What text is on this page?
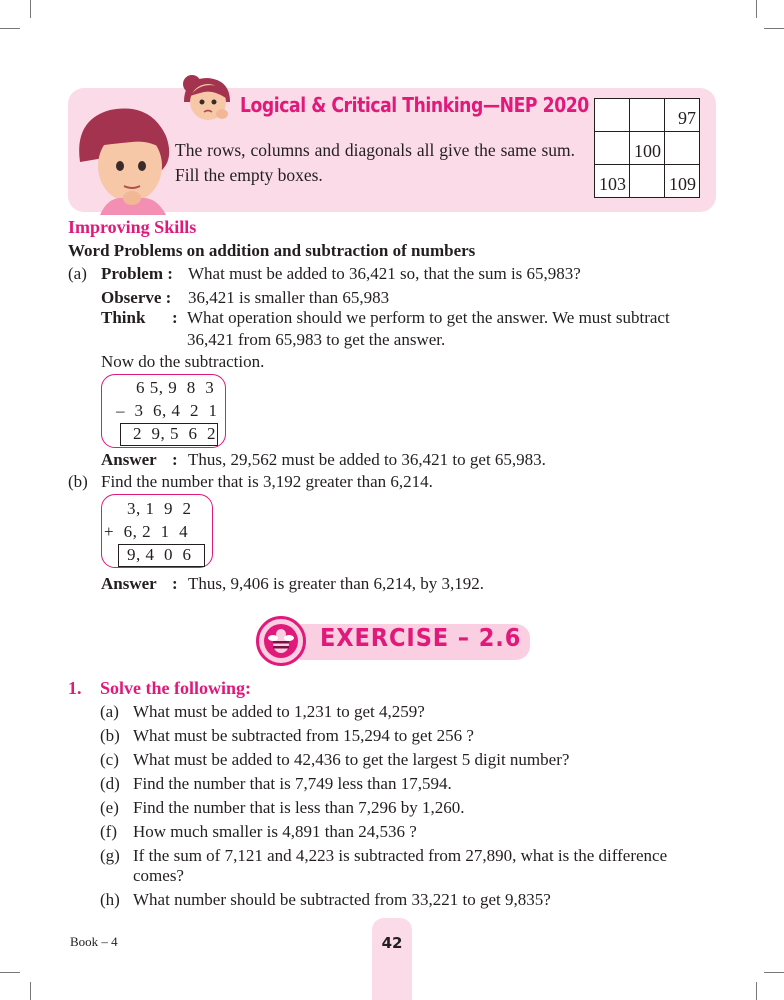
Logical & Critical Thinking—NEP 2020
The rows, columns and diagonals all give the same sum. Fill the empty boxes.
		97
	100	
103		109
Improving Skills
Word Problems on addition and subtraction of numbers
(a) Problem : What must be added to 36,421 so, that the sum is 65,983?
Observe : 36,421 is smaller than 65,983
Think : What operation should we perform to get the answer. We must subtract
36,421 from 65,983 to get the answer.
Now do the subtraction.
6 5, 9  8  3
–  3  6, 4  2  1
2  9, 5  6  2
Answer : Thus, 29,562 must be added to 36,421 to get 65,983.
(b) Find the number that is 3,192 greater than 6,214.
3, 1  9  2
+  6, 2  1  4
9, 4  0  6
Answer : Thus, 9,406 is greater than 6,214, by 3,192.
EXERCISE – 2.6
1. Solve the following:
(a) What must be added to 1,231 to get 4,259?
(b) What must be subtracted from 15,294 to get 256 ?
(c) What must be added to 42,436 to get the largest 5 digit number?
(d) Find the number that is 7,749 less than 17,594.
(e) Find the number that is less than 7,296 by 1,260.
(f) How much smaller is 4,891 than 24,536 ?
(g) If the sum of 7,121 and 4,223 is subtracted from 27,890, what is the difference
comes?
(h) What number should be subtracted from 33,221 to get 9,835?
Book – 4	42
